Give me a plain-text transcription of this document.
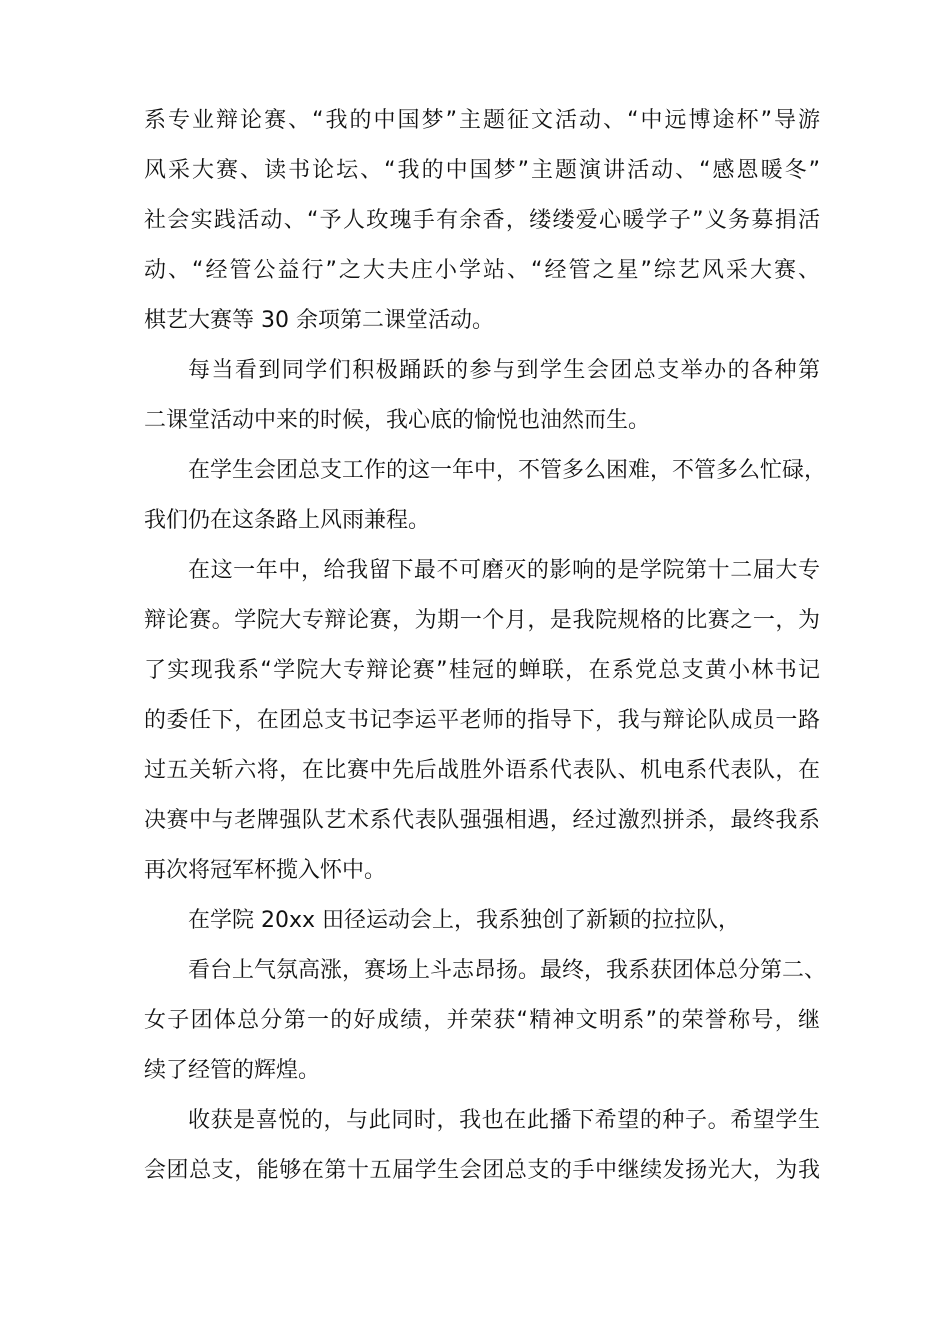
系专业辩论赛、“我的中国梦”主题征文活动、“中远博途杯”导游
风采大赛、读书论坛、“我的中国梦”主题演讲活动、“感恩暖冬”
社会实践活动、“予人玫瑰手有余香，缕缕爱心暖学子”义务募捐活
动、“经管公益行”之大夫庄小学站、“经管之星”综艺风采大赛、
棋艺大赛等 30 余项第二课堂活动。
每当看到同学们积极踊跃的参与到学生会团总支举办的各种第
二课堂活动中来的时候，我心底的愉悦也油然而生。
在学生会团总支工作的这一年中，不管多么困难，不管多么忙碌，
我们仍在这条路上风雨兼程。
在这一年中，给我留下最不可磨灭的影响的是学院第十二届大专
辩论赛。学院大专辩论赛，为期一个月，是我院规格的比赛之一，为
了实现我系“学院大专辩论赛”桂冠的蝉联，在系党总支黄小林书记
的委任下，在团总支书记李运平老师的指导下，我与辩论队成员一路
过五关斩六将，在比赛中先后战胜外语系代表队、机电系代表队，在
决赛中与老牌强队艺术系代表队强强相遇，经过激烈拼杀，最终我系
再次将冠军杯揽入怀中。
在学院 20xx 田径运动会上，我系独创了新颖的拉拉队，
看台上气氛高涨，赛场上斗志昂扬。最终，我系获团体总分第二、
女子团体总分第一的好成绩，并荣获“精神文明系”的荣誉称号，继
续了经管的辉煌。
收获是喜悦的，与此同时，我也在此播下希望的种子。希望学生
会团总支，能够在第十五届学生会团总支的手中继续发扬光大，为我
